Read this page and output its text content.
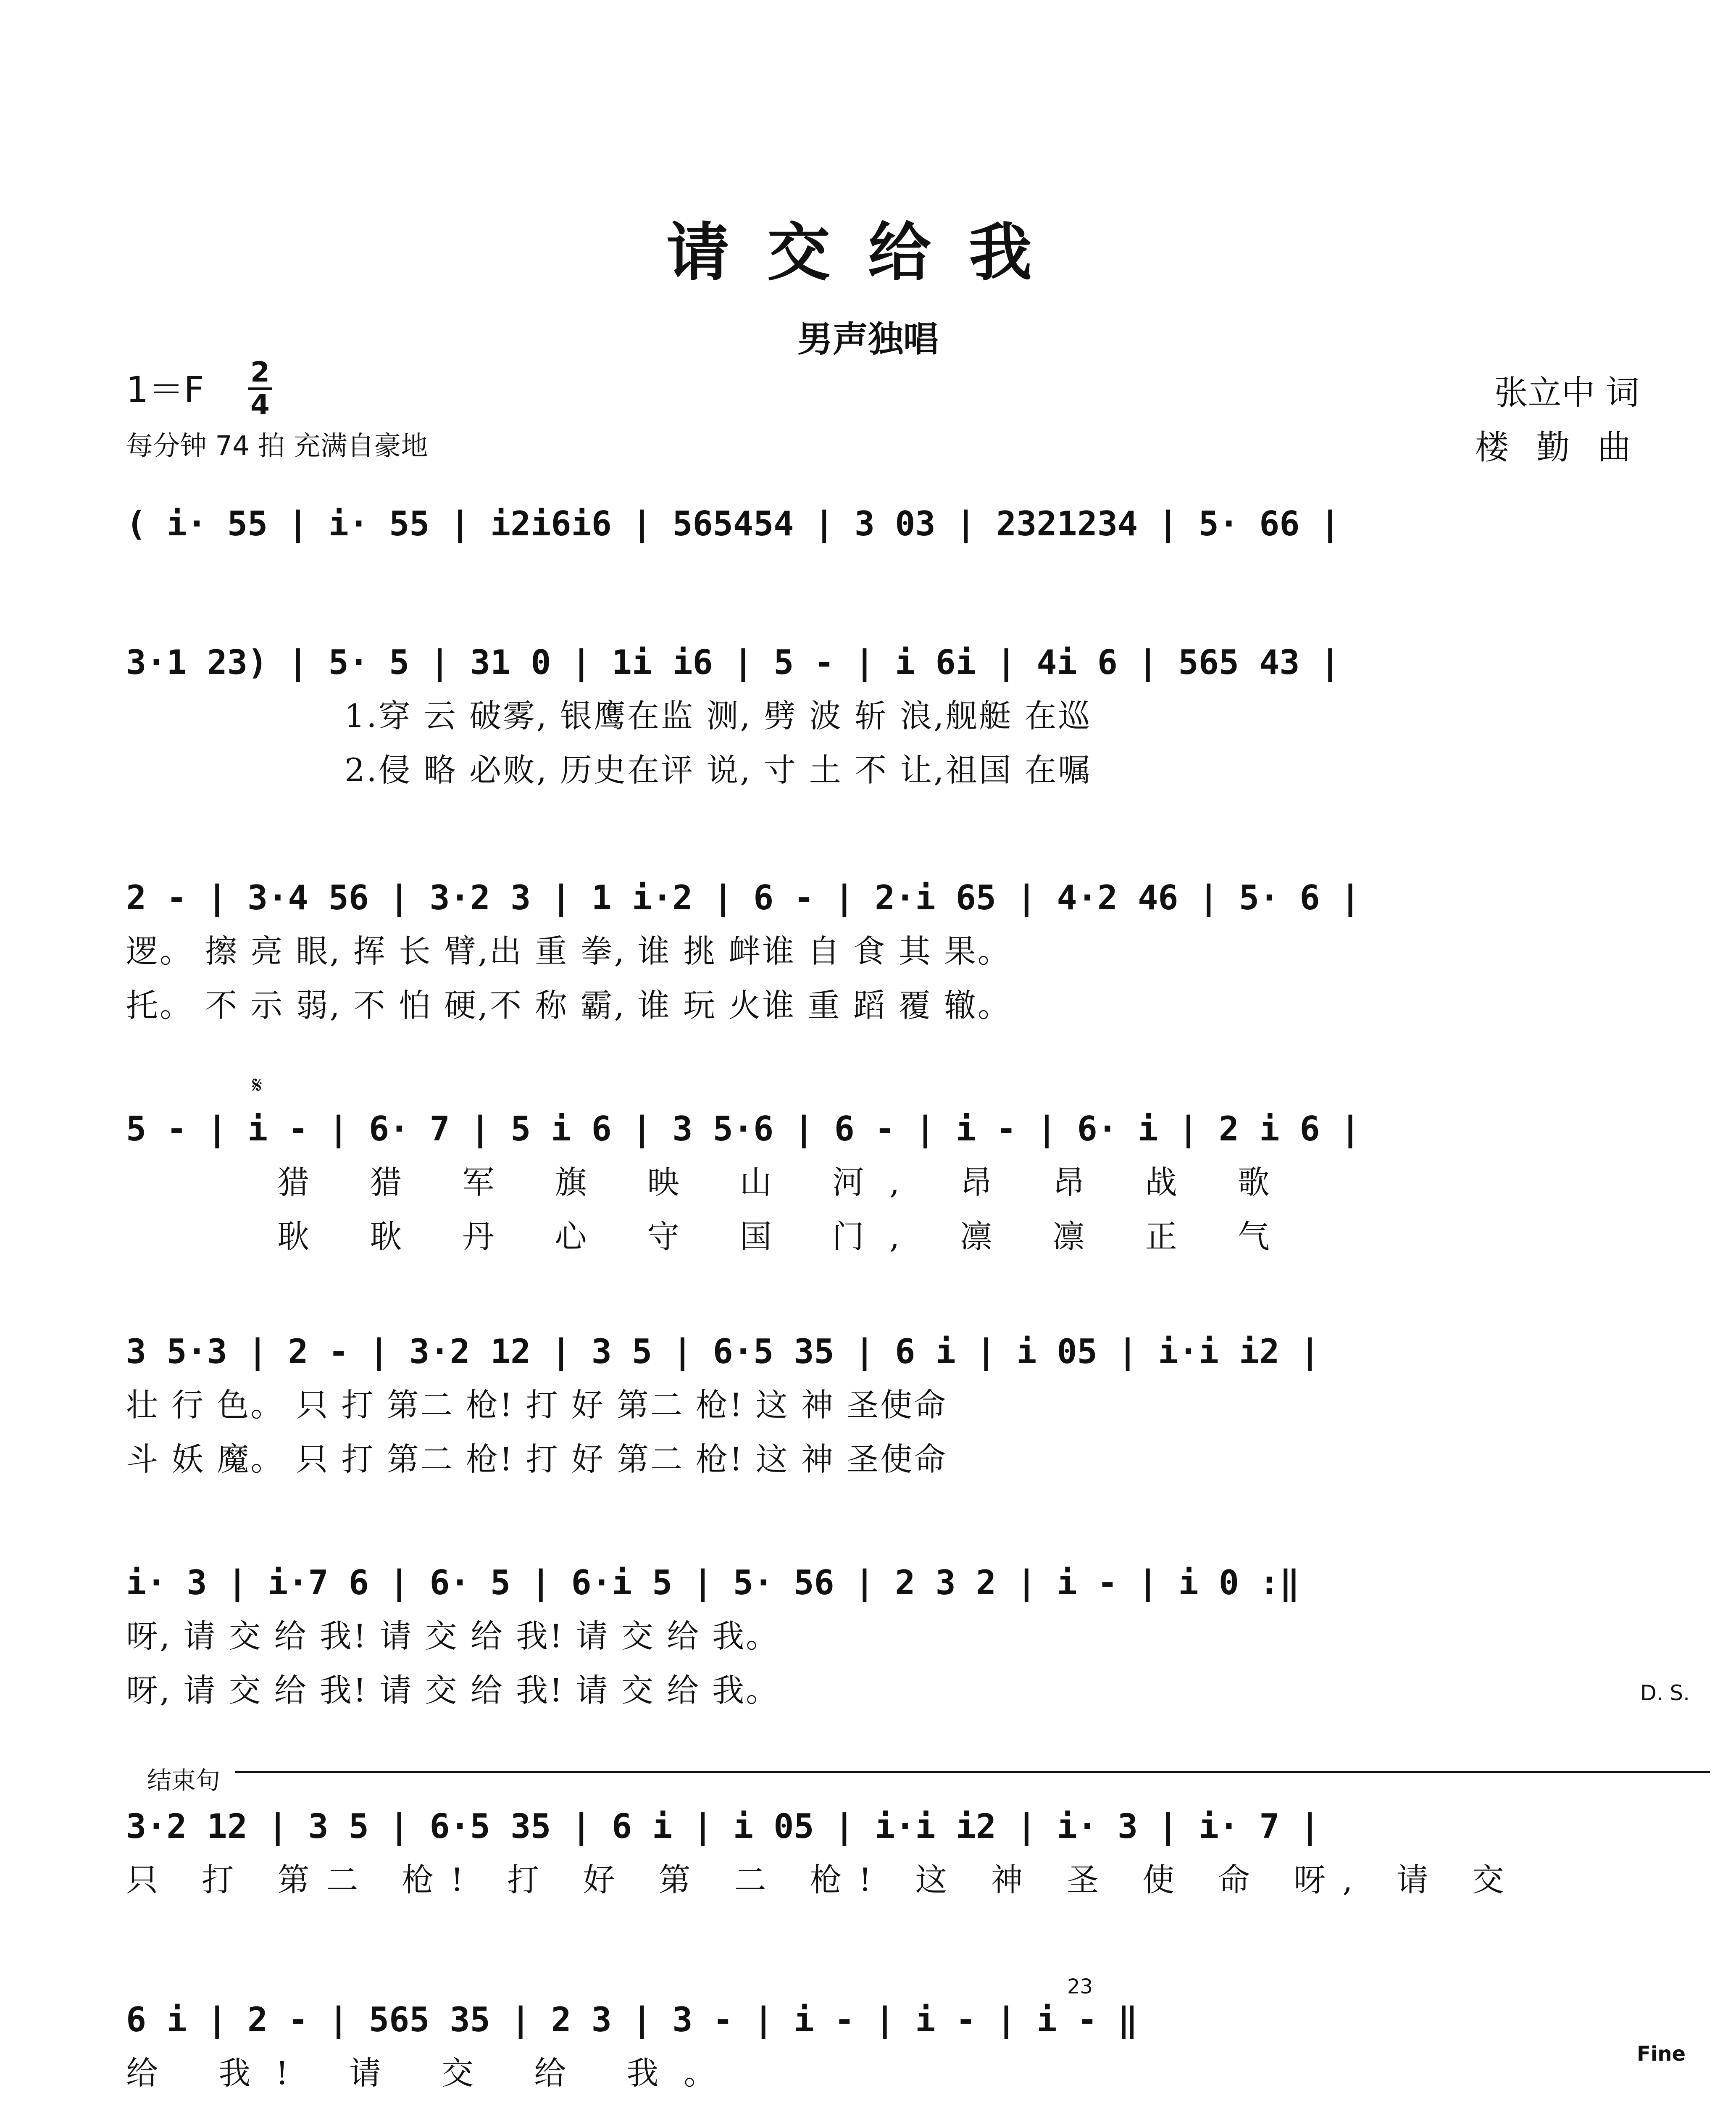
请交给我
男声独唱
1＝F 2
4
每分钟 74 拍 充满自豪地
张立中 词
楼 勤 曲
( i· 55 | i· 55 | i2i6i6 | 565454 | 3 03 | 2321234 | 5· 66 |
3·1 23) | 5· 5 | 31 0 | 1i i6 | 5 - | i 6i | 4i 6 | 565 43 |
1.穿 云 破雾, 银鹰在监 测, 劈 波 斩 浪,舰艇 在巡
2.侵 略 必败, 历史在评 说, 寸 土 不 让,祖国 在嘱
2 - | 3·4 56 | 3·2 3 | 1 i·2 | 6 - | 2·i 65 | 4·2 46 | 5· 6 |
逻。 擦 亮 眼, 挥 长 臂,出 重 拳, 谁 挑 衅谁 自 食 其 果。
托。 不 示 弱, 不 怕 硬,不 称 霸, 谁 玩 火谁 重 蹈 覆 辙。
𝄋
5 - | i - | 6· 7 | 5 i 6 | 3 5·6 | 6 - | i - | 6· i | 2 i 6 |
猎 猎 军 旗 映 山 河, 昂 昂 战 歌
耿 耿 丹 心 守 国 门, 凛 凛 正 气
3 5·3 | 2 - | 3·2 12 | 3 5 | 6·5 35 | 6 i | i 05 | i·i i2 |
壮 行 色。 只 打 第二 枪! 打 好 第二 枪! 这 神 圣使命
斗 妖 魔。 只 打 第二 枪! 打 好 第二 枪! 这 神 圣使命
i· 3 | i·7 6 | 6· 5 | 6·i 5 | 5· 56 | 2 3 2 | i - | i 0 :‖
呀, 请 交 给 我! 请 交 给 我! 请 交 给 我。
呀, 请 交 给 我! 请 交 给 我! 请 交 给 我。	D. S.
结束句
3·2 12 | 3 5 | 6·5 35 | 6 i | i 05 | i·i i2 | i· 3 | i· 7 |
只 打 第二 枪! 打 好 第 二 枪! 这 神 圣 使 命 呀, 请 交
23
6 i | 2 - | 565 35 | 2 3 | 3 - | i - | i - | i - ‖
给 我! 请 交 给 我。
Fine
